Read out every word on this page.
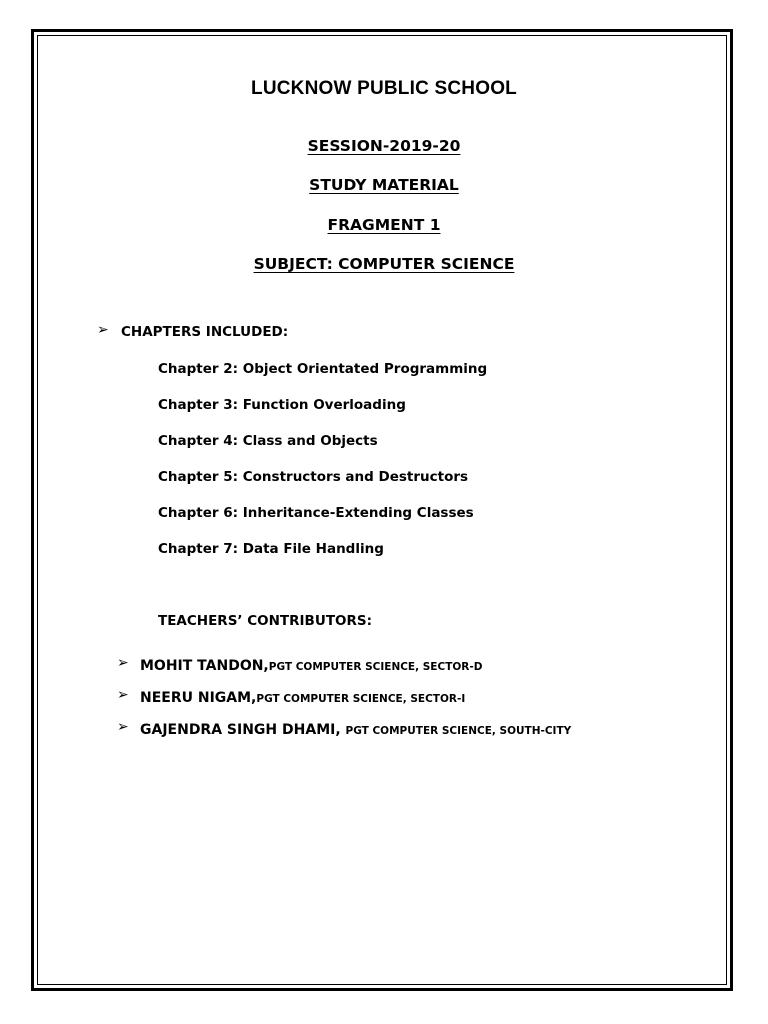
LUCKNOW PUBLIC SCHOOL
SESSION-2019-20
STUDY MATERIAL
FRAGMENT 1
SUBJECT: COMPUTER SCIENCE
➢ CHAPTERS INCLUDED:
Chapter 2: Object Orientated Programming
Chapter 3: Function Overloading
Chapter 4: Class and Objects
Chapter 5: Constructors and Destructors
Chapter 6: Inheritance-Extending Classes
Chapter 7: Data File Handling
TEACHERS’ CONTRIBUTORS:
➢ MOHIT TANDON,PGT COMPUTER SCIENCE, SECTOR-D
➢ NEERU NIGAM,PGT COMPUTER SCIENCE, SECTOR-I
➢ GAJENDRA SINGH DHAMI, PGT COMPUTER SCIENCE, SOUTH-CITY
